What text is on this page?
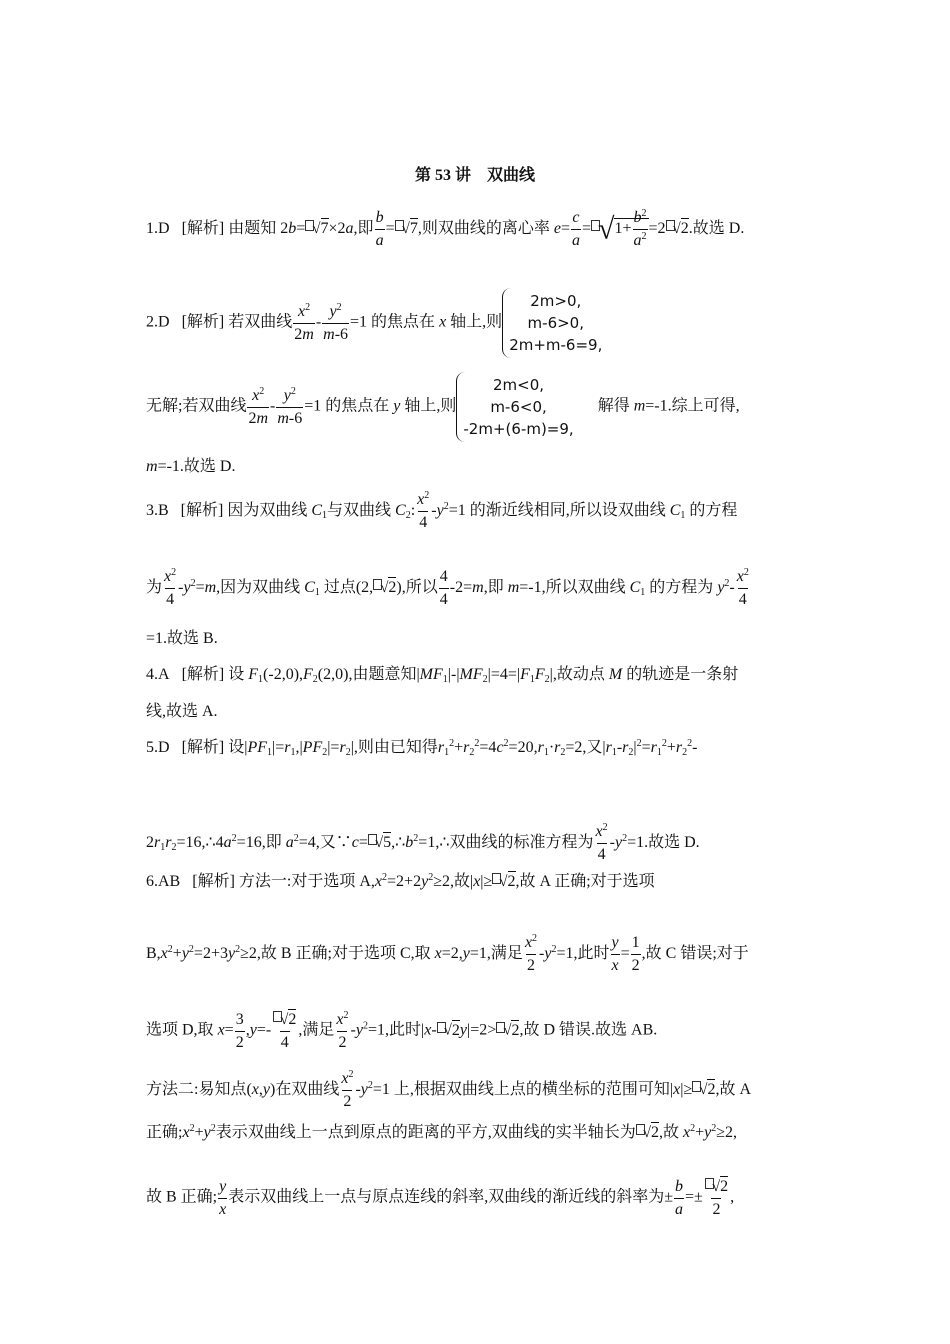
第 53 讲　双曲线
1.D [解析] 由题知 2b= √7×2a,即 $\frac{b}{a} = √7$,则双曲线的离心率 $e= \frac{c}{a} = √1+ \frac{b^2}{a^2} =2$ √2.故选 D.
2.D [解析] 若双曲线 $\frac{x^2}{2m} - \frac{y^2}{m-6} =1$ 的焦点在 x 轴上,则2m>0,
m-6>0,
2m+m-6=9,
无解;若双曲线 $\frac{x^2}{2m} - \frac{y^2}{m-6} =1$ 的焦点在 y 轴上,则2m<0,
m-6<0,
-2m+(6-m)=9,     解得 m=-1.综上可得,
m=-1.故选 D.
3.B [解析] 因为双曲线 $C_1$与双曲线 $C_2$: $\frac{x^2}{4} -y^2=1$ 的渐近线相同,所以设双曲线 $C_1$ 的方程
为 $\frac{x^2}{4} -y^2=m$,因为双曲线 $C_1$ 过点(2, √2),所以 $\frac{4}{4} -2=m$,即 m=-1,所以双曲线 $C_1$ 的方程为 $y^2- \frac{x^2}{4}$
=1.故选 B.
4.A [解析] 设 $F_1(-2,0),F_2(2,0)$,由题意知$|MF_1|-|MF_2|=4=|F_1F_2|$,故动点 M 的轨迹是一条射
线,故选 A.
5.D [解析] 设$|PF_1|=r_1,|PF_2|=r_2|$,则由已知得$r_1^2+r_2^2=4c^2=20,r_1\cdot r_2=2$,又$|r_1-r_2|^2=r_1^2+r_2^2-$
$2r_1r_2=16,\therefore 4a^2=16$,即 $a^2=4$,又∵c= $√5,\therefore b^2=1,\therefore$双曲线的标准方程为 $\frac{x^2}{4} -y^2=1$.故选 D.
6.AB [解析] 方法一:对于选项 $A,x^2=2+2y^2\ge 2$,故|x|≥ √2,故 A 正确;对于选项
$B,x^2+y^2=2+3y^2\ge 2$,故 B 正确;对于选项 C,取 x=2,y=1,满足 $\frac{x^2}{2} -y^2=1$,此时 $\frac{y}{x} = \frac{1}{2}$ ,故 C 错误;对于
选项 D,取 $x= \frac{3}{2} ,y=- \frac{√2}{4}$ ,满足 $\frac{x^2}{2} -y^2=1$,此时|x- √2y|=2> √2,故 D 错误.故选 AB.
方法二:易知点(x,y)在双曲线 $\frac{x^2}{2} -y^2=1$ 上,根据双曲线上点的横坐标的范围可知|x|≥ √2,故 A
正确$;x^2+y^2$表示双曲线上一点到原点的距离的平方,双曲线的实半轴长为 √2,故 $x^2+y^2\ge 2$,
故 B 正确; $\frac{y}{x}$ 表示双曲线上一点与原点连线的斜率,双曲线的渐近线的斜率为± $\frac{b}{a} =\pm \frac{√2}{2}$ ,
